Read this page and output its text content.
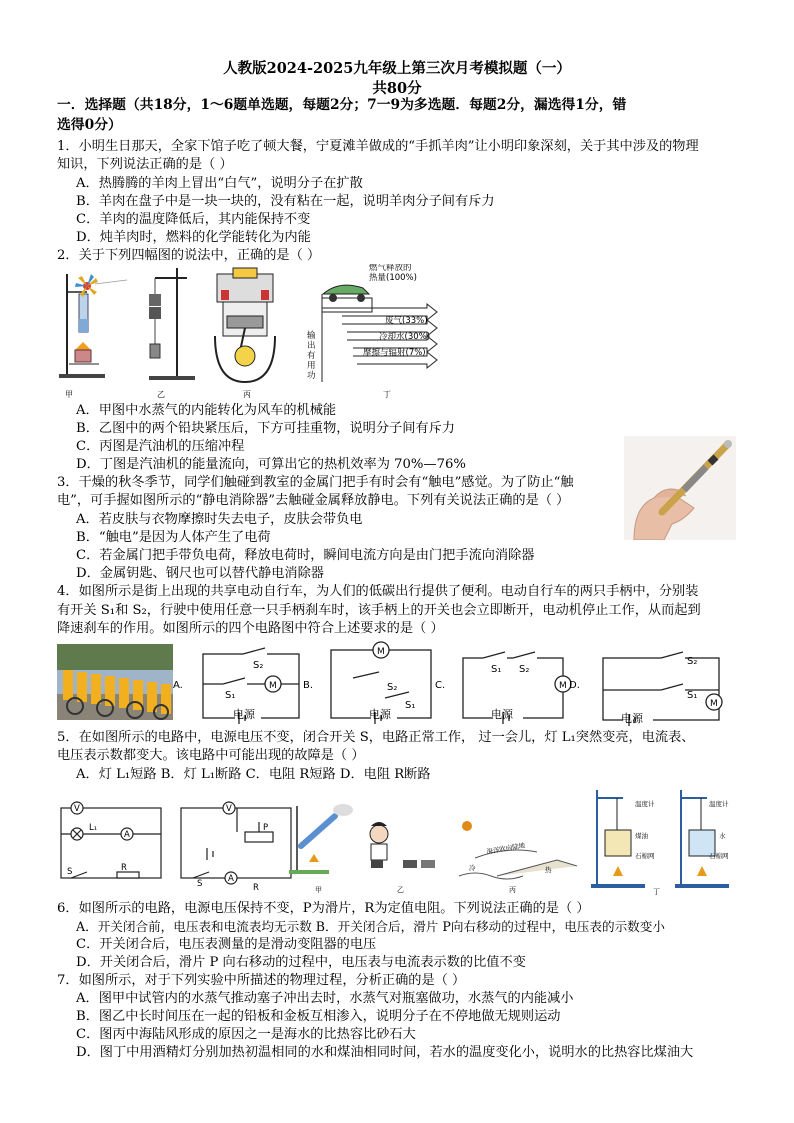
人教版2024-2025九年级上第三次月考模拟题（一）
共80分
一．选择题（共18分，1～6题单选题，每题2分；7一9为多选题．每题2分，漏选得1分，错
选得0分）
1．小明生日那天，全家下馆子吃了顿大餐，宁夏滩羊做成的“手抓羊肉”让小明印象深刻，关于其中涉及的物理
知识，下列说法正确的是（ ）
A．热腾腾的羊肉上冒出“白气”，说明分子在扩散
B．羊肉在盘子中是一块一块的，没有粘在一起，说明羊肉分子间有斥力
C．羊肉的温度降低后，其内能保持不变
D．炖羊肉时，燃料的化学能转化为内能
2．关于下列四幅图的说法中，正确的是（ ）
燃气释放的
热量(100%)
废气(33%)
冷却水(30%)
摩擦与辐射(7%)
输
出
有
用
功
甲	乙	丙	丁
A．甲图中水蒸气的内能转化为风车的机械能
B．乙图中的两个铅块紧压后，下方可挂重物，说明分子间有斥力
C．丙图是汽油机的压缩冲程
D．丁图是汽油机的能量流向，可算出它的热机效率为 70%—76%
3．干燥的秋冬季节，同学们触碰到教室的金属门把手有时会有“触电”感觉。为了防止“触
电”，可手握如图所示的“静电消除器”去触碰金属释放静电。下列有关说法正确的是（ ）
A．若皮肤与衣物摩擦时失去电子，皮肤会带负电
B．“触电”是因为人体产生了电荷
C．若金属门把手带负电荷，释放电荷时，瞬间电流方向是由门把手流向消除器
D．金属钥匙、钢尺也可以替代静电消除器
4．如图所示是街上出现的共享电动自行车，为人们的低碳出行提供了便利。电动自行车的两只手柄中，分别装
有开关 S₁和 S₂，行驶中使用任意一只手柄刹车时，该手柄上的开关也会立即断开，电动机停止工作，从而起到
降速刹车的作用。如图所示的四个电路图中符合上述要求的是（ ）
A.	B.	C.	D.
M
M
M
M
S₂
S₁
S₂
S₁
S₁ S₂
S₂
S₁
电源	电源	电源	电源
5．在如图所示的电路中，电源电压不变，闭合开关 S，电路正常工作， 过一会儿，灯 L₁突然变亮，电流表、
电压表示数都变大。该电路中可能出现的故障是（ ）
A．灯 L₁短路 B．灯 L₁断路 C．电阻 R短路 D．电阻 R断路
V
A
L₁
S	R
V
A
S	R
P
甲	乙
海洋吹向陆地
冷	热
丙
温度计
煤油
石棉网
温度计
水
石棉网
丁
6．如图所示的电路，电源电压保持不变，P为滑片，R为定值电阻。下列说法正确的是（ ）
A．开关闭合前，电压表和电流表均无示数 B．开关闭合后，滑片 P向右移动的过程中，电压表的示数变小
C．开关闭合后，电压表测量的是滑动变阻器的电压
D．开关闭合后，滑片 P 向右移动的过程中，电压表与电流表示数的比值不变
7．如图所示，对于下列实验中所描述的物理过程，分析正确的是（ ）
A．图甲中试管内的水蒸气推动塞子冲出去时，水蒸气对瓶塞做功，水蒸气的内能减小
B．图乙中长时间压在一起的铅板和金板互相渗入，说明分子在不停地做无规则运动
C．图丙中海陆风形成的原因之一是海水的比热容比砂石大
D．图丁中用酒精灯分别加热初温相同的水和煤油相同时间，若水的温度变化小，说明水的比热容比煤油大
